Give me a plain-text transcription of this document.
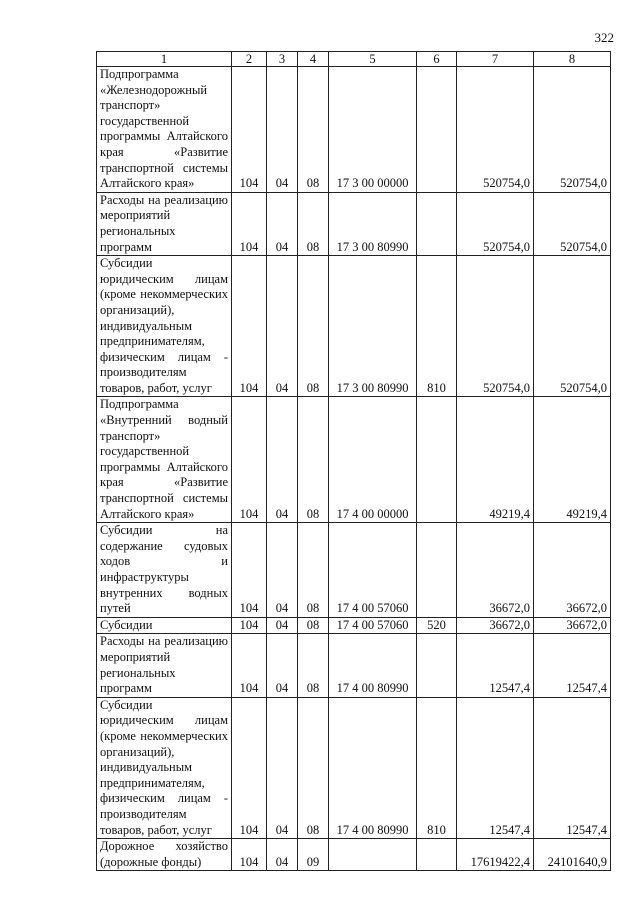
322
1	2	3	4	5	6	7	8
Подпрограмма «Железнодорожный транспорт» государственной программы Алтайского края «Развитие транспортной системы Алтайского края»	104	04	08	17 3 00 00000		520754,0	520754,0
Расходы на реализацию мероприятий региональных программ	104	04	08	17 3 00 80990		520754,0	520754,0
Субсидии юридическим лицам (кроме некоммерческих организаций), индивидуальным предпринимателям, физическим лицам - производителям товаров, работ, услуг	104	04	08	17 3 00 80990	810	520754,0	520754,0
Подпрограмма «Внутренний водный транспорт» государственной программы Алтайского края «Развитие транспортной системы Алтайского края»	104	04	08	17 4 00 00000		49219,4	49219,4
Субсидии на содержание судовых ходов и инфраструктуры внутренних водных путей	104	04	08	17 4 00 57060		36672,0	36672,0
Субсидии	104	04	08	17 4 00 57060	520	36672,0	36672,0
Расходы на реализацию мероприятий региональных программ	104	04	08	17 4 00 80990		12547,4	12547,4
Субсидии юридическим лицам (кроме некоммерческих организаций), индивидуальным предпринимателям, физическим лицам - производителям товаров, работ, услуг	104	04	08	17 4 00 80990	810	12547,4	12547,4
Дорожное хозяйство (дорожные фонды)	104	04	09			17619422,4	24101640,9
